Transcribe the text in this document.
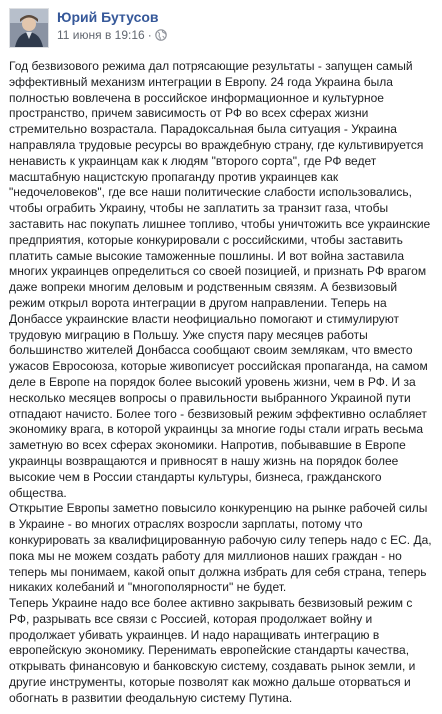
Юрий Бутусов
11 июня в 19:16 ·

Год безвизового режима дал потрясающие результаты - запущен самый эффективный механизм интеграции в Европу. 24 года Украина была полностью вовлечена в российское информационное и культурное пространство, причем зависимость от РФ во всех сферах жизни стремительно возрастала. Парадоксальная была ситуация - Украина направляла трудовые ресурсы во враждебную страну, где культивируется ненависть к украинцам как к людям "второго сорта", где РФ ведет масштабную нацистскую пропаганду против украинцев как "недочеловеков", где все наши политические слабости использовались, чтобы ограбить Украину, чтобы не заплатить за транзит газа, чтобы заставить нас покупать лишнее топливо, чтобы уничтожить все украинские предприятия, которые конкурировали с российскими, чтобы заставить платить самые высокие таможенные пошлины. И вот война заставила многих украинцев определиться со своей позицией, и признать РФ врагом даже вопреки многим деловым и родственным связям. А безвизовый режим открыл ворота интеграции в другом направлении. Теперь на Донбассе украинские власти неофициально помогают и стимулируют трудовую миграцию в Польшу. Уже спустя пару месяцев работы большинство жителей Донбасса сообщают своим землякам, что вместо ужасов Евросоюза, которые живописует российская пропаганда, на самом деле в Европе на порядок более высокий уровень жизни, чем в РФ. И за несколько месяцев вопросы о правильности выбранного Украиной пути отпадают начисто. Более того - безвизовый режим эффективно ослабляет экономику врага, в которой украинцы за многие годы стали играть весьма заметную во всех сферах экономики. Напротив, побывавшие в Европе украинцы возвращаются и привносят в нашу жизнь на порядок более высокие чем в России стандарты культуры, бизнеса, гражданского общества.

Открытие Европы заметно повысило конкуренцию на рынке рабочей силы в Украине - во многих отраслях возросли зарплаты, потому что конкурировать за квалифицированную рабочую силу теперь надо с ЕС. Да, пока мы не можем создать работу для миллионов наших граждан - но теперь мы понимаем, какой опыт должна избрать для себя страна, теперь никаких колебаний и "многополярности" не будет.

Теперь Украине надо все более активно закрывать безвизовый режим с РФ, разрывать все связи с Россией, которая продолжает войну и продолжает убивать украинцев. И надо наращивать интеграцию в европейскую экономику. Перенимать европейские стандарты качества, открывать финансовую и банковскую систему, создавать рынок земли, и другие инструменты, которые позволят как можно дальше оторваться и обогнать в развитии феодальную систему Путина.
